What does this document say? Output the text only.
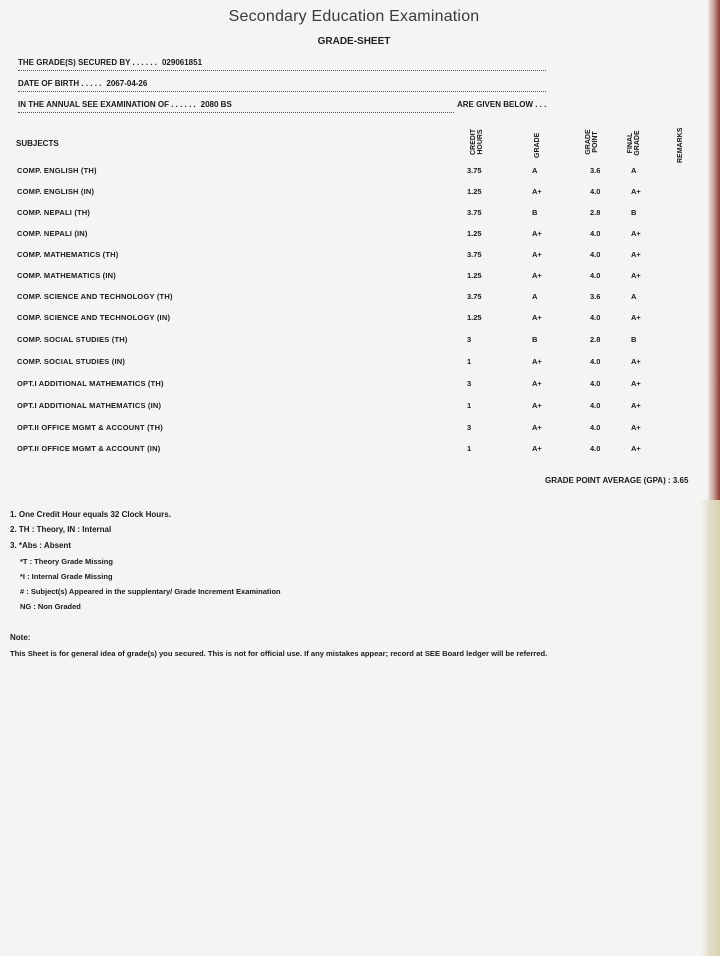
Secondary Education Examination
GRADE-SHEET
THE GRADE(S) SECURED BY . . . . . . 029061851
DATE OF BIRTH . . . . . 2067-04-26
IN THE ANNUAL SEE EXAMINATION OF . . . . . . 2080 BS	ARE GIVEN BELOW . . .
SUBJECTS	CREDIT HOURS	GRADE	GRADE POINT	FINAL GRADE	REMARKS
COMP. ENGLISH (TH)	3.75	A	3.6	A
COMP. ENGLISH (IN)	1.25	A+	4.0	A+
COMP. NEPALI (TH)	3.75	B	2.8	B
COMP. NEPALI (IN)	1.25	A+	4.0	A+
COMP. MATHEMATICS (TH)	3.75	A+	4.0	A+
COMP. MATHEMATICS (IN)	1.25	A+	4.0	A+
COMP. SCIENCE AND TECHNOLOGY (TH)	3.75	A	3.6	A
COMP. SCIENCE AND TECHNOLOGY (IN)	1.25	A+	4.0	A+
COMP. SOCIAL STUDIES (TH)	3	B	2.8	B
COMP. SOCIAL STUDIES (IN)	1	A+	4.0	A+
OPT.I ADDITIONAL MATHEMATICS (TH)	3	A+	4.0	A+
OPT.I ADDITIONAL MATHEMATICS (IN)	1	A+	4.0	A+
OPT.II OFFICE MGMT & ACCOUNT (TH)	3	A+	4.0	A+
OPT.II OFFICE MGMT & ACCOUNT (IN)	1	A+	4.0	A+
GRADE POINT AVERAGE (GPA) : 3.65
1. One Credit Hour equals 32 Clock Hours.
2. TH : Theory, IN : Internal
3. *Abs : Absent
*T : Theory Grade Missing
*I : Internal Grade Missing
# : Subject(s) Appeared in the supplentary/ Grade Increment Examination
NG : Non Graded
Note:
This Sheet is for general idea of grade(s) you secured. This is not for official use. If any mistakes appear; record at SEE Board ledger will be referred.
